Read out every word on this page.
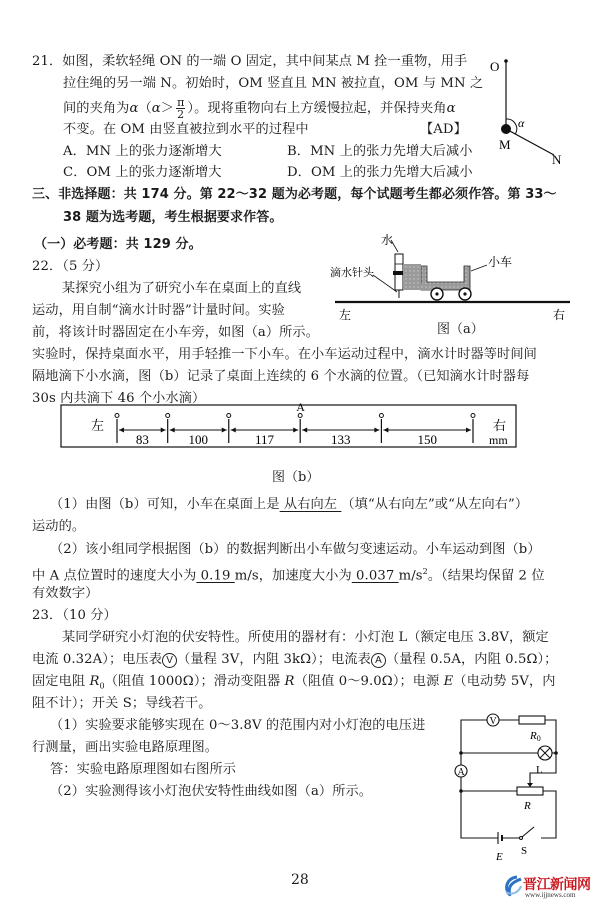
21．如图，柔软轻绳 ON 的一端 O 固定，其中间某点 M 拴一重物，用手
拉住绳的另一端 N。初始时，OM 竖直且 MN 被拉直，OM 与 MN 之
间的夹角为$\alpha(\alpha> \frac{\pi}{2}$ ）。现将重物向右上方缓慢拉起，并保持夹角α
不变。在 OM 由竖直被拉到水平的过程中	【AD】
A．MN 上的张力逐渐增大	B．MN 上的张力先增大后减小
C．OM 上的张力逐渐增大	D．OM 上的张力先增大后减小
O
M
N
α
三、非选择题：共 174 分。第 22～32 题为必考题，每个试题考生都必须作答。第 33～
38 题为选考题，考生根据要求作答。
（一）必考题：共 129 分。
22．（5 分）
某探究小组为了研究小车在桌面上的直线
运动，用自制“滴水计时器”计量时间。实验
前，将该计时器固定在小车旁，如图（a）所示。
实验时，保持桌面水平，用手轻推一下小车。在小车运动过程中，滴水计时器等时间间
隔地滴下小水滴，图（b）记录了桌面上连续的 6 个水滴的位置。（已知滴水计时器每
30s 内共滴下 46 个小水滴）
水
小车
滴水针头
左	右
图（a）
左	右
mm
A
83	100	117	133	150
图（b）
（1）由图（b）可知，小车在桌面上是 从右向左 （填“从右向左”或“从左向右”）
运动的。
（2）该小组同学根据图（b）的数据判断出小车做匀变速运动。小车运动到图（b）
中 A 点位置时的速度大小为 0.19 m/s，加速度大小为 0.037 $m/s^2$。（结果均保留 2 位
有效数字）
23．（10 分）
某同学研究小灯泡的伏安特性。所使用的器材有：小灯泡 L（额定电压 3.8V，额定
电流 0.32A）；电压表 V （量程 3V，内阻 3kΩ）；电流表 A （量程 0.5A，内阻 0.5Ω）；
固定电阻 $R_0$（阻值 1000Ω）；滑动变阻器 R（阻值 0～9.0Ω）；电源 E（电动势 5V，内
阻不计）；开关 S；导线若干。
（1）实验要求能够实现在 0～3.8V 的范围内对小灯泡的电压进
行测量，画出实验电路原理图。
答：实验电路原理图如右图所示
（2）实验测得该小灯泡伏安特性曲线如图（a）所示。
V
R0
L
A
R
E S
28	晋江新闻网
www.ijjnews.com
